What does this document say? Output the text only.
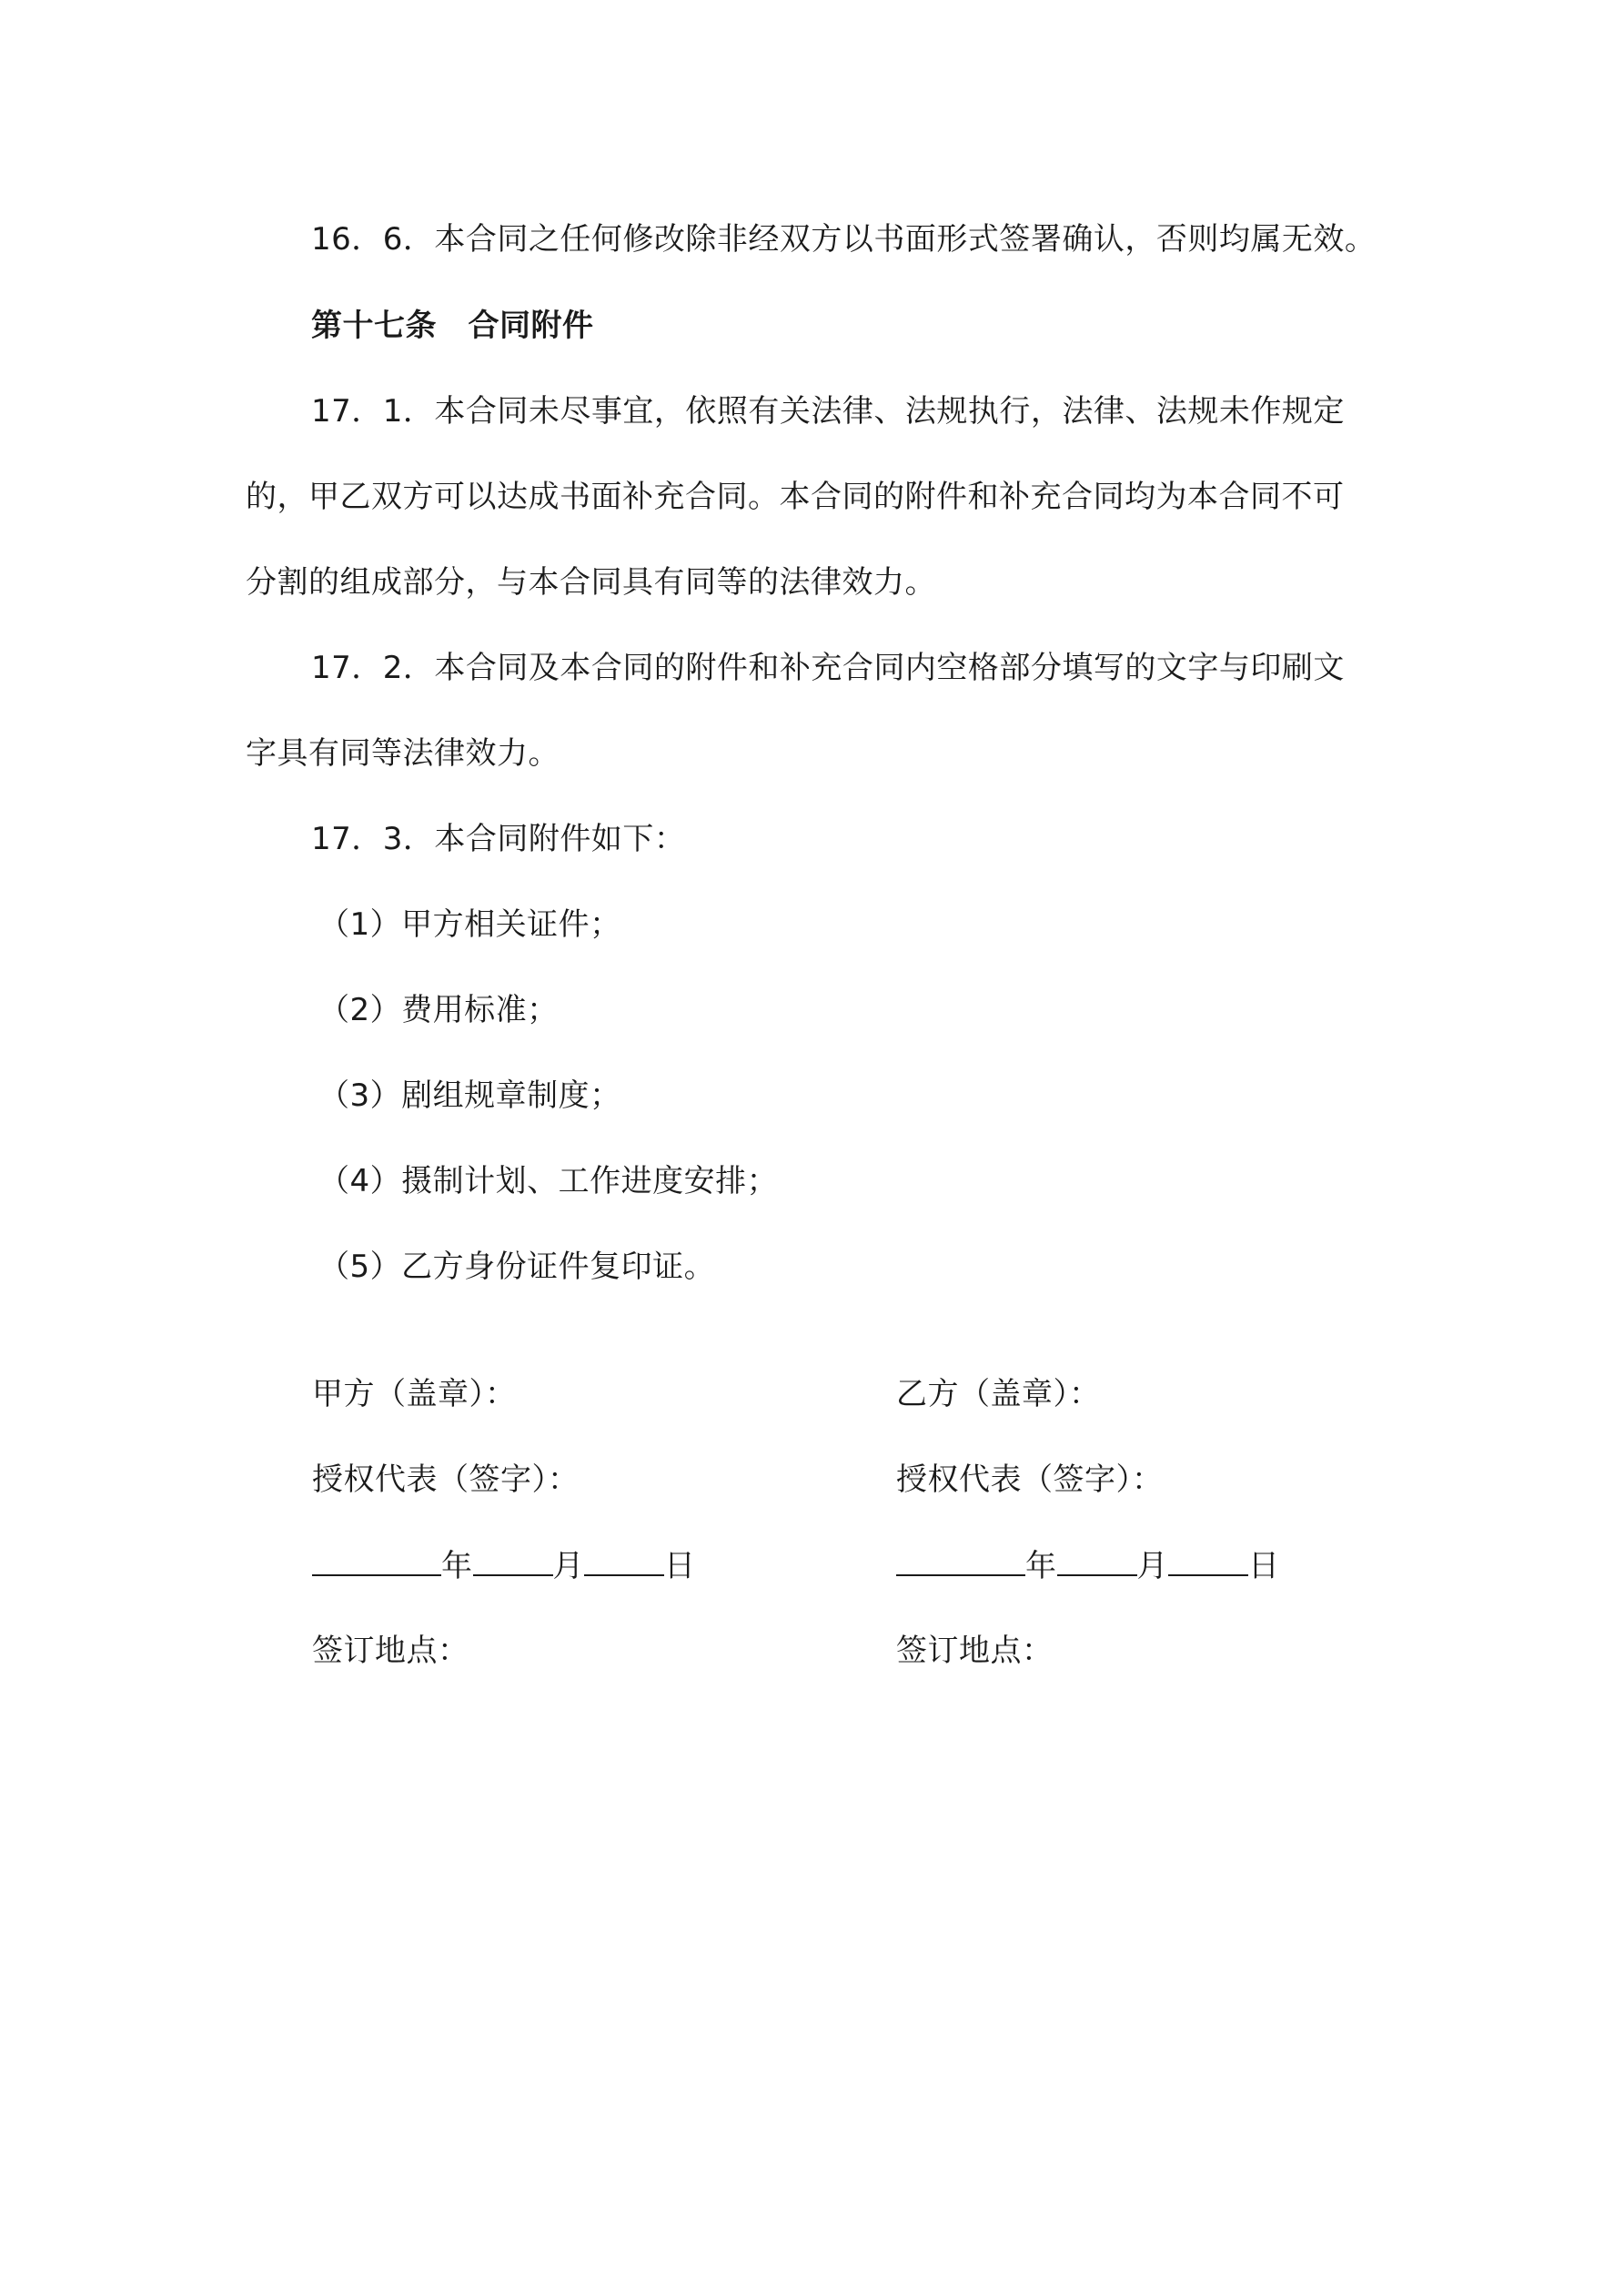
16．6．本合同之任何修改除非经双方以书面形式签署确认，否则均属无效。
第十七条　合同附件
17．1．本合同未尽事宜，依照有关法律、法规执行，法律、法规未作规定
的，甲乙双方可以达成书面补充合同。本合同的附件和补充合同均为本合同不可
分割的组成部分，与本合同具有同等的法律效力。
17．2．本合同及本合同的附件和补充合同内空格部分填写的文字与印刷文
字具有同等法律效力。
17．3．本合同附件如下：
（1）甲方相关证件；
（2）费用标准；
（3）剧组规章制度；
（4）摄制计划、工作进度安排；
（5）乙方身份证件复印证。
甲方（盖章）：
授权代表（签字）：
年	月	日
签订地点：
乙方（盖章）：
授权代表（签字）：
年	月	日
签订地点：
